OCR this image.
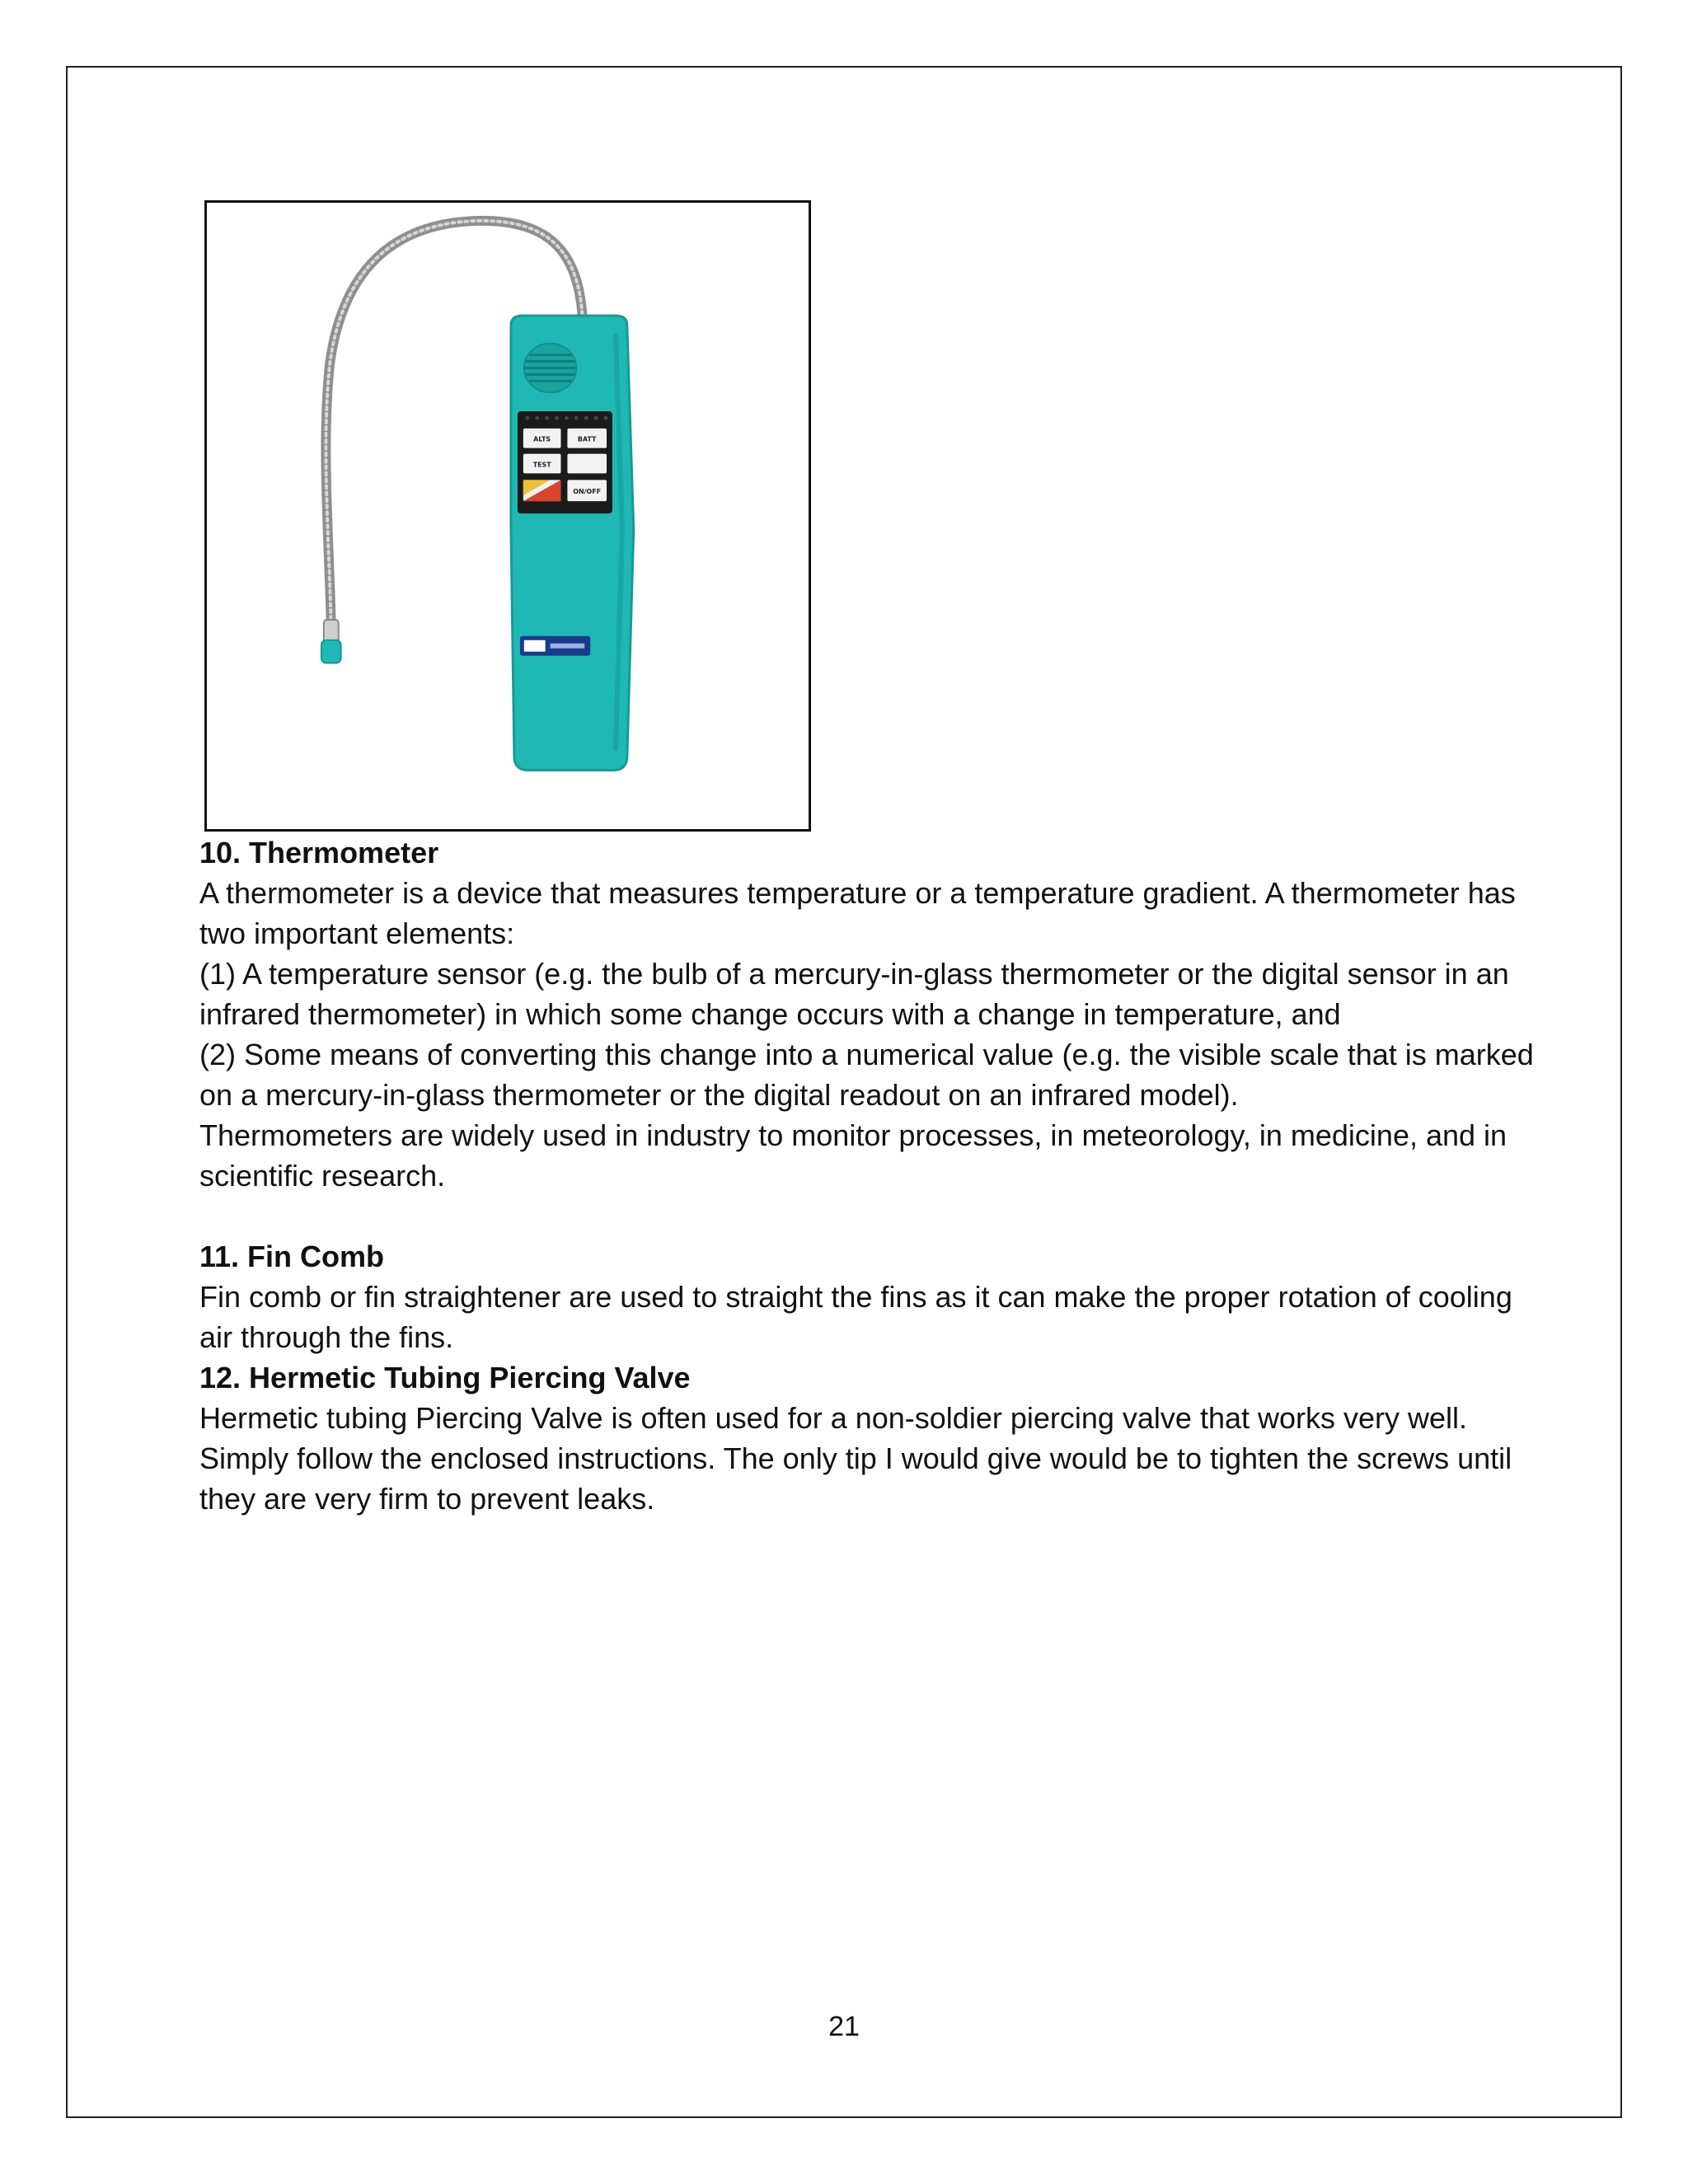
ALTS
TEST
BATT
ON/OFF

10. Thermometer

A thermometer is a device that measures temperature or a temperature gradient. A thermometer has two important elements:

(1) A temperature sensor (e.g. the bulb of a mercury-in-glass thermometer or the digital sensor in an infrared thermometer) in which some change occurs with a change in temperature, and

(2) Some means of converting this change into a numerical value (e.g. the visible scale that is marked on a mercury-in-glass thermometer or the digital readout on an infrared model).

Thermometers are widely used in industry to monitor processes, in meteorology, in medicine, and in scientific research.

11. Fin Comb

Fin comb or fin straightener are used to straight the fins as it can make the proper rotation of cooling air through the fins.

12. Hermetic Tubing Piercing Valve

Hermetic tubing Piercing Valve is often used for a non-soldier piercing valve that works very well. Simply follow the enclosed instructions. The only tip I would give would be to tighten the screws until they are very firm to prevent leaks.

21
